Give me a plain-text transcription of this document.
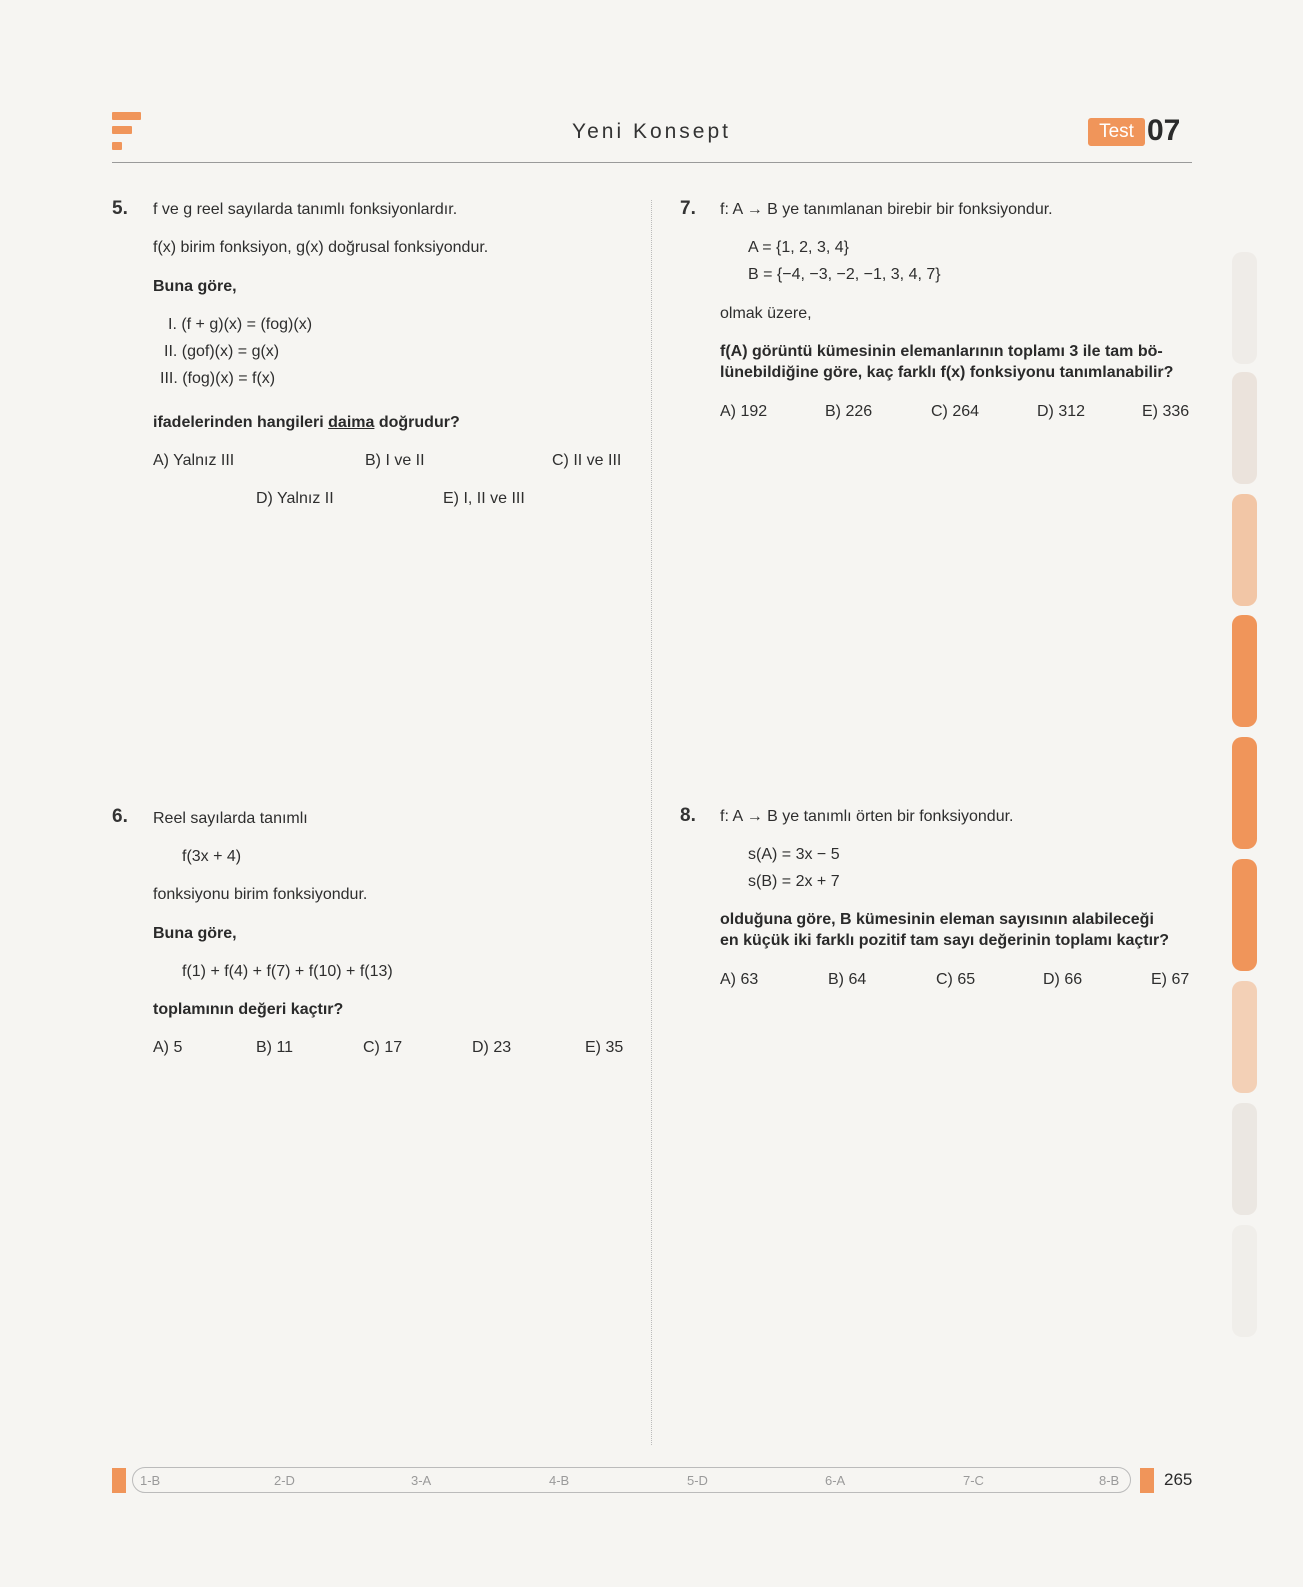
Yeni Konsept	Test 07
5. f ve g reel sayılarda tanımlı fonksiyonlardır.
f(x) birim fonksiyon, g(x) doğrusal fonksiyondur.
Buna göre,
I. (f + g)(x) = (fog)(x)
II. (gof)(x) = g(x)
III. (fog)(x) = f(x)
ifadelerinden hangileri daima doğrudur?
A) Yalnız III	B) I ve II	C) II ve III
D) Yalnız II	E) I, II ve III
6. Reel sayılarda tanımlı
f(3x + 4)
fonksiyonu birim fonksiyondur.
Buna göre,
f(1) + f(4) + f(7) + f(10) + f(13)
toplamının değeri kaçtır?
A) 5	B) 11	C) 17	D) 23	E) 35
7. f: A → B ye tanımlanan birebir bir fonksiyondur.
A = {1, 2, 3, 4}
B = {−4, −3, −2, −1, 3, 4, 7}
olmak üzere,
f(A) görüntü kümesinin elemanlarının toplamı 3 ile tam bö-
lünebildiğine göre, kaç farklı f(x) fonksiyonu tanımlanabilir?
A) 192	B) 226	C) 264	D) 312	E) 336
8. f: A → B ye tanımlı örten bir fonksiyondur.
s(A) = 3x − 5
s(B) = 2x + 7
olduğuna göre, B kümesinin eleman sayısının alabileceği
en küçük iki farklı pozitif tam sayı değerinin toplamı kaçtır?
A) 63	B) 64	C) 65	D) 66	E) 67
1-B	2-D	3-A	4-B	5-D	6-A	7-C	8-B	265
